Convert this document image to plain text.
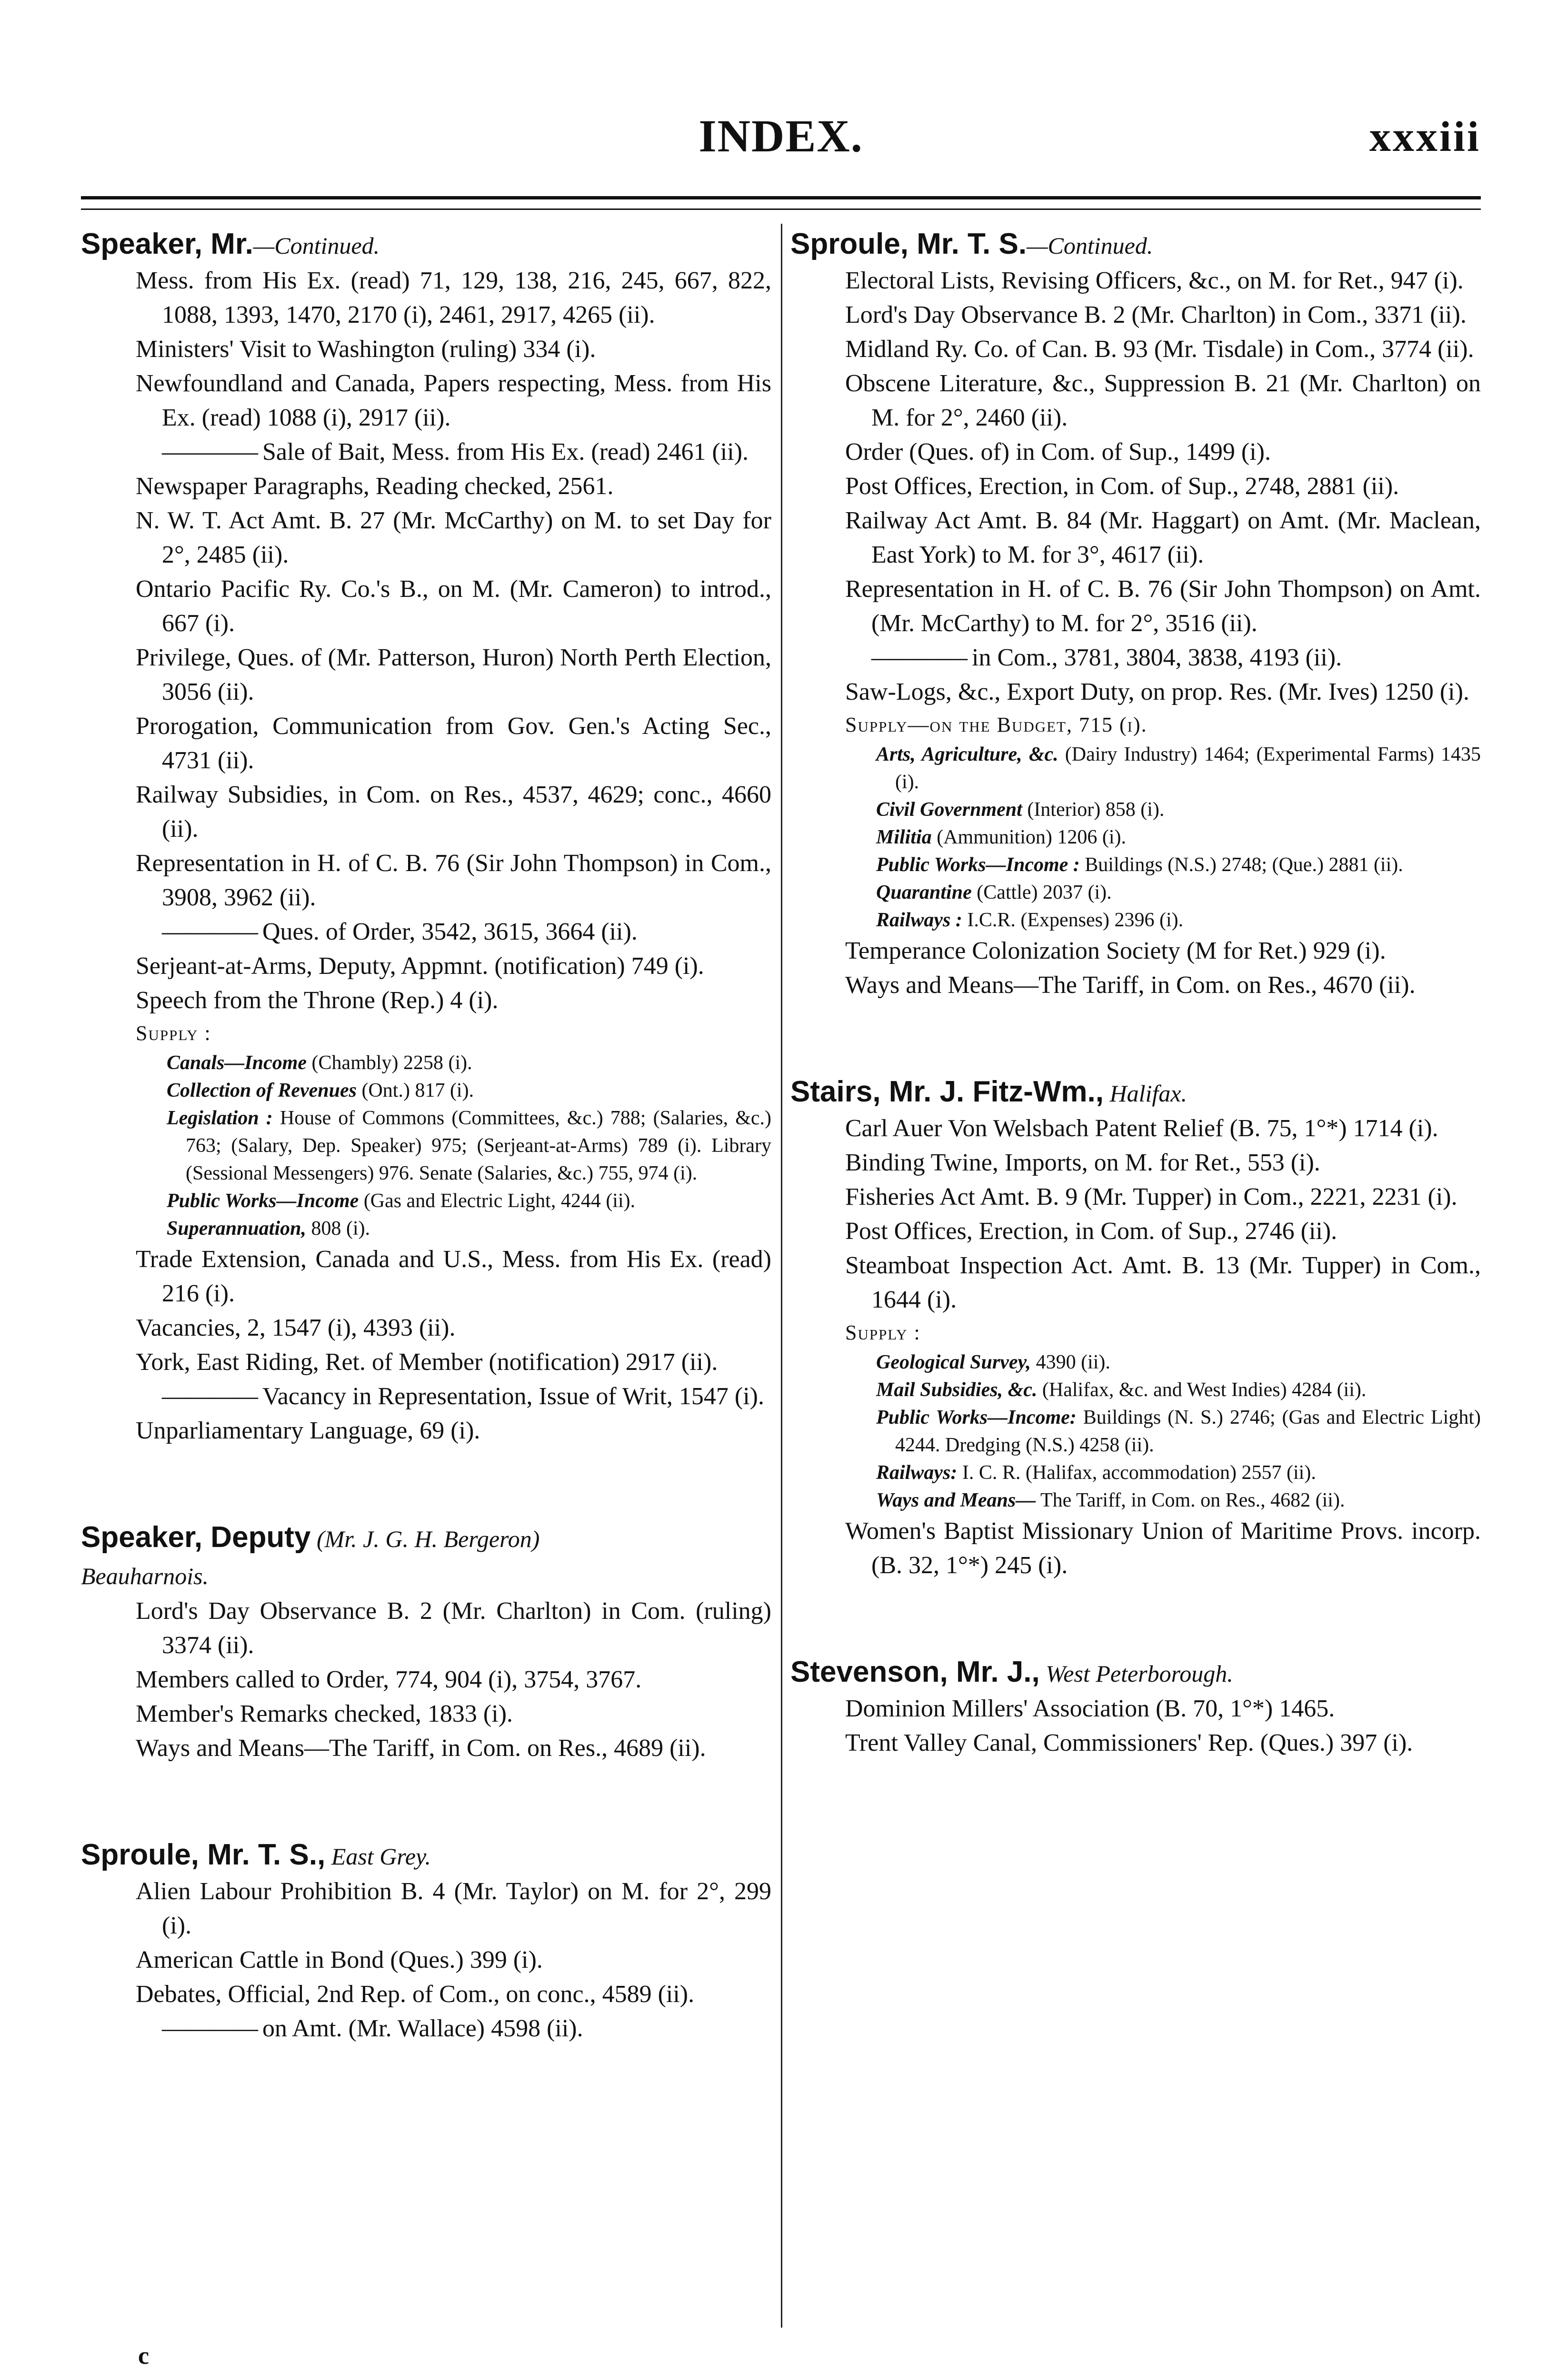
INDEX.	xxxiii
Speaker, Mr.—Continued.
Mess. from His Ex. (read) 71, 129, 138, 216, 245, 667, 822, 1088, 1393, 1470, 2170 (i), 2461, 2917, 4265 (ii).
Ministers' Visit to Washington (ruling) 334 (i).
Newfoundland and Canada, Papers respecting, Mess. from His Ex. (read) 1088 (i), 2917 (ii).
———— Sale of Bait, Mess. from His Ex. (read) 2461 (ii).
Newspaper Paragraphs, Reading checked, 2561.
N. W. T. Act Amt. B. 27 (Mr. McCarthy) on M. to set Day for 2°, 2485 (ii).
Ontario Pacific Ry. Co.'s B., on M. (Mr. Cameron) to introd., 667 (i).
Privilege, Ques. of (Mr. Patterson, Huron) North Perth Election, 3056 (ii).
Prorogation, Communication from Gov. Gen.'s Acting Sec., 4731 (ii).
Railway Subsidies, in Com. on Res., 4537, 4629; conc., 4660 (ii).
Representation in H. of C. B. 76 (Sir John Thompson) in Com., 3908, 3962 (ii).
———— Ques. of Order, 3542, 3615, 3664 (ii).
Serjeant-at-Arms, Deputy, Appmnt. (notification) 749 (i).
Speech from the Throne (Rep.) 4 (i).
Supply :
Canals—Income (Chambly) 2258 (i).
Collection of Revenues (Ont.) 817 (i).
Legislation : House of Commons (Committees, &c.) 788; (Salaries, &c.) 763; (Salary, Dep. Speaker) 975; (Serjeant-at-Arms) 789 (i). Library (Sessional Messengers) 976. Senate (Salaries, &c.) 755, 974 (i).
Public Works—Income (Gas and Electric Light, 4244 (ii).
Superannuation, 808 (i).
Trade Extension, Canada and U.S., Mess. from His Ex. (read) 216 (i).
Vacancies, 2, 1547 (i), 4393 (ii).
York, East Riding, Ret. of Member (notification) 2917 (ii).
———— Vacancy in Representation, Issue of Writ, 1547 (i).
Unparliamentary Language, 69 (i).
Speaker, Deputy (Mr. J. G. H. Bergeron)
Beauharnois.
Lord's Day Observance B. 2 (Mr. Charlton) in Com. (ruling) 3374 (ii).
Members called to Order, 774, 904 (i), 3754, 3767.
Member's Remarks checked, 1833 (i).
Ways and Means—The Tariff, in Com. on Res., 4689 (ii).
Sproule, Mr. T. S., East Grey.
Alien Labour Prohibition B. 4 (Mr. Taylor) on M. for 2°, 299 (i).
American Cattle in Bond (Ques.) 399 (i).
Debates, Official, 2nd Rep. of Com., on conc., 4589 (ii).
———— on Amt. (Mr. Wallace) 4598 (ii).
Sproule, Mr. T. S.—Continued.
Electoral Lists, Revising Officers, &c., on M. for Ret., 947 (i).
Lord's Day Observance B. 2 (Mr. Charlton) in Com., 3371 (ii).
Midland Ry. Co. of Can. B. 93 (Mr. Tisdale) in Com., 3774 (ii).
Obscene Literature, &c., Suppression B. 21 (Mr. Charlton) on M. for 2°, 2460 (ii).
Order (Ques. of) in Com. of Sup., 1499 (i).
Post Offices, Erection, in Com. of Sup., 2748, 2881 (ii).
Railway Act Amt. B. 84 (Mr. Haggart) on Amt. (Mr. Maclean, East York) to M. for 3°, 4617 (ii).
Representation in H. of C. B. 76 (Sir John Thompson) on Amt. (Mr. McCarthy) to M. for 2°, 3516 (ii).
———— in Com., 3781, 3804, 3838, 4193 (ii).
Saw-Logs, &c., Export Duty, on prop. Res. (Mr. Ives) 1250 (i).
Supply—on the Budget, 715 (i).
Arts, Agriculture, &c. (Dairy Industry) 1464; (Experimental Farms) 1435 (i).
Civil Government (Interior) 858 (i).
Militia (Ammunition) 1206 (i).
Public Works—Income : Buildings (N.S.) 2748; (Que.) 2881 (ii).
Quarantine (Cattle) 2037 (i).
Railways : I.C.R. (Expenses) 2396 (i).
Temperance Colonization Society (M for Ret.) 929 (i).
Ways and Means—The Tariff, in Com. on Res., 4670 (ii).
Stairs, Mr. J. Fitz-Wm., Halifax.
Carl Auer Von Welsbach Patent Relief (B. 75, 1°*) 1714 (i).
Binding Twine, Imports, on M. for Ret., 553 (i).
Fisheries Act Amt. B. 9 (Mr. Tupper) in Com., 2221, 2231 (i).
Post Offices, Erection, in Com. of Sup., 2746 (ii).
Steamboat Inspection Act. Amt. B. 13 (Mr. Tupper) in Com., 1644 (i).
Supply :
Geological Survey, 4390 (ii).
Mail Subsidies, &c. (Halifax, &c. and West Indies) 4284 (ii).
Public Works—Income: Buildings (N. S.) 2746; (Gas and Electric Light) 4244. Dredging (N.S.) 4258 (ii).
Railways: I. C. R. (Halifax, accommodation) 2557 (ii).
Ways and Means— The Tariff, in Com. on Res., 4682 (ii).
Women's Baptist Missionary Union of Maritime Provs. incorp. (B. 32, 1°*) 245 (i).
Stevenson, Mr. J., West Peterborough.
Dominion Millers' Association (B. 70, 1°*) 1465.
Trent Valley Canal, Commissioners' Rep. (Ques.) 397 (i).
c
